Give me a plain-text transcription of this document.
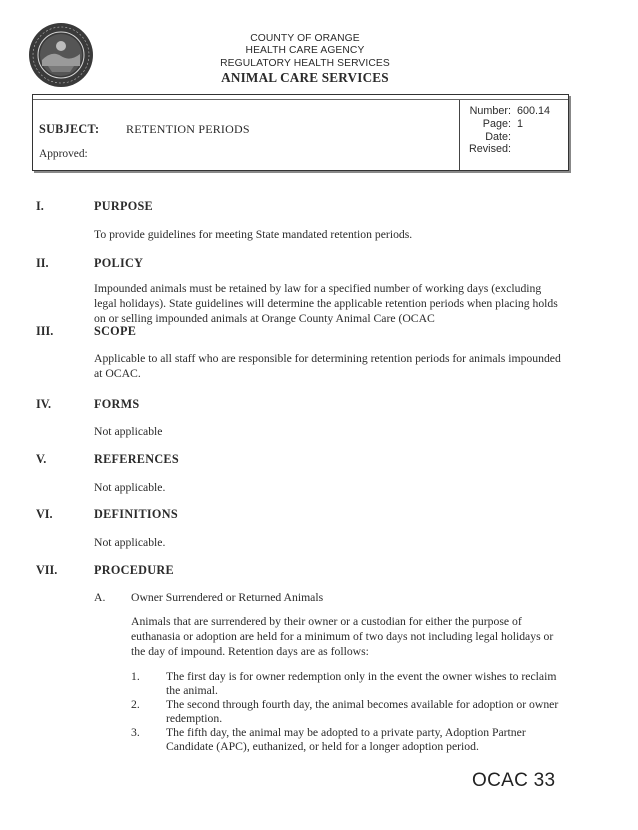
COUNTY OF ORANGE
HEALTH CARE AGENCY
REGULATORY HEALTH SERVICES
ANIMAL CARE SERVICES
SUBJECT: RETENTION PERIODS
Approved:
Number: 600.14
Page: 1
Date:
Revised:
I.	PURPOSE
To provide guidelines for meeting State mandated retention periods.
II.	POLICY
Impounded animals must be retained by law for a specified number of working days (excluding legal holidays). State guidelines will determine the applicable retention periods when placing holds on or selling impounded animals at Orange County Animal Care (OCAC
III.	SCOPE
Applicable to all staff who are responsible for determining retention periods for animals impounded at OCAC.
IV.	FORMS
Not applicable
V.	REFERENCES
Not applicable.
VI.	DEFINITIONS
Not applicable.
VII.	PROCEDURE
A. Owner Surrendered or Returned Animals
Animals that are surrendered by their owner or a custodian for either the purpose of euthanasia or adoption are held for a minimum of two days not including legal holidays or the day of impound. Retention days are as follows:
1. The first day is for owner redemption only in the event the owner wishes to reclaim the animal.
2. The second through fourth day, the animal becomes available for adoption or owner redemption.
3. The fifth day, the animal may be adopted to a private party, Adoption Partner Candidate (APC), euthanized, or held for a longer adoption period.
OCAC 33
